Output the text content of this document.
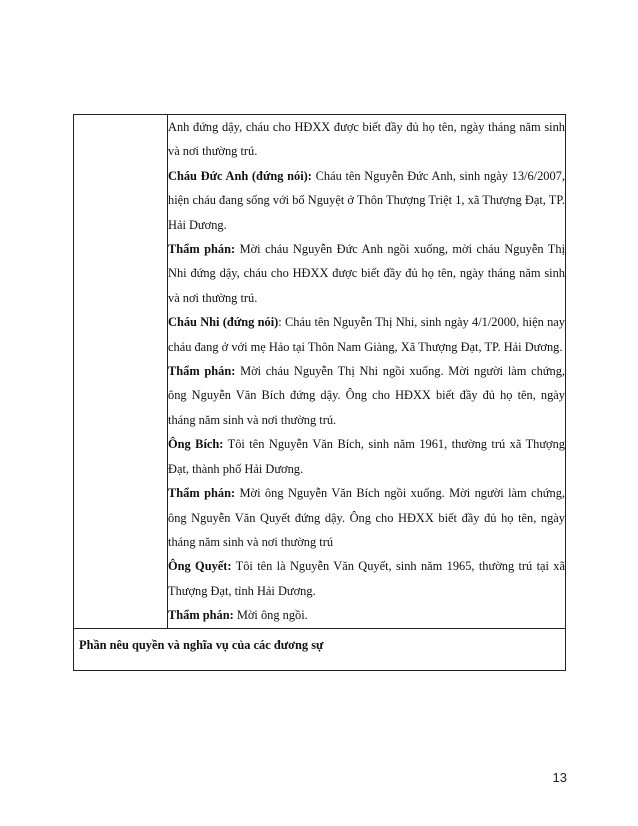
Anh đứng dậy, cháu cho HĐXX được biết đầy đủ họ tên, ngày tháng năm sinh và nơi thường trú.

Cháu Đức Anh (đứng nói): Cháu tên Nguyễn Đức Anh, sinh ngày 13/6/2007, hiện cháu đang sống với bố Nguyệt ở Thôn Thượng Triệt 1, xã Thượng Đạt, TP. Hải Dương.

Thẩm phán: Mời cháu Nguyễn Đức Anh ngồi xuống, mời cháu Nguyễn Thị Nhi đứng dậy, cháu cho HĐXX được biết đầy đủ họ tên, ngày tháng năm sinh và nơi thường trú.

Cháu Nhi (đứng nói): Cháu tên Nguyễn Thị Nhi, sinh ngày 4/1/2000, hiện nay cháu đang ở với mẹ Hảo tại Thôn Nam Giàng, Xã Thượng Đạt, TP. Hải Dương.

Thẩm phán: Mời cháu Nguyễn Thị Nhi ngồi xuống. Mời người làm chứng, ông Nguyễn Văn Bích đứng dậy. Ông cho HĐXX biết đầy đủ họ tên, ngày tháng năm sinh và nơi thường trú.

Ông Bích: Tôi tên Nguyễn Văn Bích, sinh năm 1961, thường trú xã Thượng Đạt, thành phố Hải Dương.

Thẩm phán: Mời ông Nguyễn Văn Bích ngồi xuống. Mời người làm chứng, ông Nguyễn Văn Quyết đứng dậy. Ông cho HĐXX biết đầy đủ họ tên, ngày tháng năm sinh và nơi thường trú

Ông Quyết: Tôi tên là Nguyễn Văn Quyết, sinh năm 1965, thường trú tại xã Thượng Đạt, tỉnh Hải Dương.

Thẩm phán: Mời ông ngồi.

Phần nêu quyền và nghĩa vụ của các đương sự
13
